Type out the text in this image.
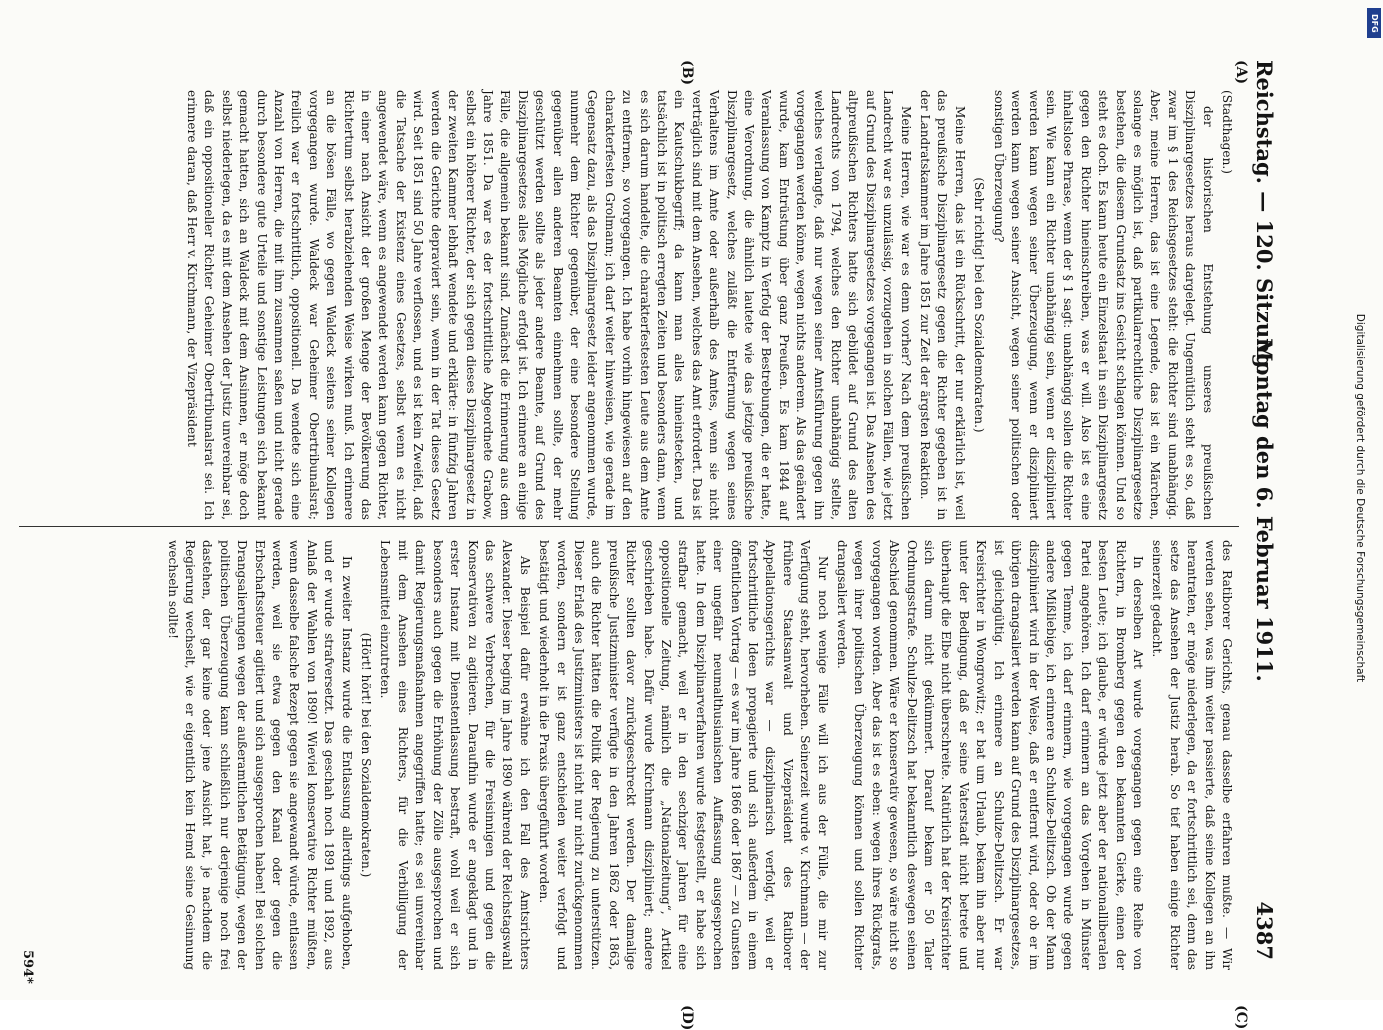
Reichstag. — 120. Sitzung.
Montag den 6. Februar 1911.
4387
(A)
(B)
(C)
(D)

(Stadthagen.)

der historischen Entstehung unseres preußischen Disziplinargesetzes heraus dargelegt. Ungemütlich steht es so, daß zwar im § 1 des Reichsgesetzes steht: die Richter sind unabhängig. Aber, meine Herren, das ist eine Legende, das ist ein Märchen, solange es möglich ist, daß partikularrechtliche Disziplinargesetze bestehen, die diesem Grundsatz ins Gesicht schlagen können. Und so steht es doch. Es kann heute ein Einzelstaat in sein Disziplinargesetz gegen den Richter hineinschreiben, was er will. Also ist es eine inhaltslose Phrase, wenn der § 1 sagt: unabhängig sollen die Richter sein. Wie kann ein Richter unabhängig sein, wenn er diszipliniert werden kann wegen seiner Überzeugung, wenn er diszipliniert werden kann wegen seiner Ansicht, wegen seiner politischen oder sonstigen Überzeugung?

(Sehr richtig! bei den Sozialdemokraten.)

Meine Herren, das ist ein Rückschritt, der nur erklärlich ist, weil das preußische Disziplinargesetz gegen die Richter gegeben ist in der Landratskammer im Jahre 1851 zur Zeit der ärgsten Reaktion.

Meine Herren, wie war es denn vorher? Nach dem preußischen Landrecht war es unzulässig, vorzugehen in solchen Fällen, wie jetzt auf Grund des Disziplinargesetzes vorgegangen ist. Das Ansehen des altpreußischen Richters hatte sich gebildet auf Grund des alten Landrechts von 1794, welches den Richter unabhängig stellte, welches verlangte, daß nur wegen seiner Amtsführung gegen ihn vorgegangen werden könne, wegen nichts anderem. Als das geändert wurde, kam Entrüstung über ganz Preußen. Es kam 1844 auf Veranlassung von Kamptz in Verfolg der Bestrebungen, die er hatte, eine Verordnung, die ähnlich lautete wie das jetzige preußische Disziplinargesetz, welches zuläßt die Entfernung wegen seines Verhaltens im Amte oder außerhalb des Amtes, wenn sie nicht verträglich sind mit dem Ansehen, welches das Amt erfordert. Das ist ein Kautschukbegriff; da kann man alles hineinstecken, und tatsächlich ist in politisch erregten Zeiten und besonders dann, wenn es sich darum handelte, die charakterfestesten Leute aus dem Amte zu entfernen, so vorgegangen. Ich habe vorhin hingewiesen auf den charakterfesten Grolmann; ich darf weiter hinweisen, wie gerade im Gegensatz dazu, als das Disziplinargesetz leider angenommen wurde, nunmehr dem Richter gegenüber, der eine besondere Stellung gegenüber allen anderen Beamten einnehmen sollte, der mehr geschützt werden sollte als jeder andere Beamte, auf Grund des Disziplinargesetzes alles Mögliche erfolgt ist. Ich erinnere an einige Fälle, die allgemein bekannt sind. Zunächst die Erinnerung aus dem Jahre 1851. Da war es der fortschrittliche Abgeordnete Grabow, selbst ein höherer Richter, der sich gegen dieses Disziplinargesetz in der zweiten Kammer lebhaft wendete und erklärte: in fünfzig Jahren werden die Gerichte depraviert sein, wenn in der Tat dieses Gesetz wird. Seit 1851 sind 50 Jahre verflossen, und es ist kein Zweifel, daß die Tatsache der Existenz eines Gesetzes, selbst wenn es nicht angewendet wäre, wenn es angewendet werden kann gegen Richter, in einer nach Ansicht der großen Menge der Bevölkerung das Richtertum selbst herabziehenden Weise wirken muß. Ich erinnere an die bösen Fälle, wo gegen Waldeck seitens seiner Kollegen vorgegangen wurde. Waldeck war Geheimer Obertribunalsrat; freilich war er fortschrittlich, oppositionell. Da wendete sich eine Anzahl von Herren, die mit ihm zusammen saßen und nicht gerade durch besondere gute Urteile und sonstige Leistungen sich bekannt gemacht hatten, sich an Waldeck mit dem Ansinnen, er möge doch selbst niederlegen, da es mit dem Ansehen der Justiz unvereinbar sei, daß ein oppositioneller Richter Geheimer Obertribunalsrat sei. Ich erinnere daran, daß Herr v. Kirchmann, der Vizepräsident

des Ratiborer Gerichts, genau dasselbe erfahren mußte. — Wir werden sehen, was ihm weiter passierte, daß seine Kollegen an ihn herantraten, er möge niederlegen, da er fortschrittlich sei, denn das setze das Ansehen der Justiz herab. So tief haben einige Richter seinerzeit gedacht.

In derselben Art wurde vorgegangen gegen eine Reihe von Richtern, in Bromberg gegen den bekannten Gierke, einen der besten Leute; ich glaube, er würde jetzt aber der nationalliberalen Partei angehören. Ich darf erinnern an das Vorgehen in Münster gegen Temme, ich darf erinnern, wie vorgegangen wurde gegen andere Mißliebige, ich erinnere an Schulze-Delitzsch. Ob der Mann diszipliniert wird in der Weise, daß er entfernt wird, oder ob er im übrigen drangsaliert werden kann auf Grund des Disziplinargesetzes, ist gleichgültig. Ich erinnere an Schulze-Delitzsch. Er war Kreisrichter in Wongrowitz; er bat um Urlaub, bekam ihn aber nur unter der Bedingung, daß er seine Vaterstadt nicht betrete und überhaupt die Elbe nicht überschreite. Natürlich hat der Kreisrichter sich darum nicht gekümmert. Darauf bekam er 50 Taler Ordnungsstrafe. Schulze-Delitzsch hat bekanntlich deswegen seinen Abschied genommen. Wäre er konservativ gewesen, so wäre nicht so vorgegangen worden. Aber das ist es eben: wegen ihres Rückgrats, wegen ihrer politischen Überzeugung können und sollen Richter drangsaliert werden.

Nur noch wenige Fälle will ich aus der Fülle, die mir zur Verfügung steht, hervorheben. Seinerzeit wurde v. Kirchmann — der frühere Staatsanwalt und Vizepräsident des Ratiborer Appellationsgerichts war — disziplinarisch verfolgt, weil er fortschrittliche Ideen propagierte und sich außerdem in einem öffentlichen Vortrag — es war im Jahre 1866 oder 1867 — zu Gunsten einer ungefähr neumalthusianischen Auffassung ausgesprochen hatte. In dem Disziplinarverfahren wurde festgestellt, er habe sich strafbar gemacht, weil er in den sechziger Jahren für eine oppositionelle Zeitung, nämlich die „Nationalzeitung“, Artikel geschrieben habe. Dafür wurde Kirchmann diszipliniert; andere Richter sollten davor zurückgeschreckt werden. Der damalige preußische Justizminister verfügte in den Jahren 1862 oder 1863, auch die Richter hätten die Politik der Regierung zu unterstützen. Dieser Erlaß des Justizministers ist nicht nur nicht zurückgenommen worden, sondern er ist ganz entschieden weiter verfolgt und bestätigt und wiederholt in die Praxis übergeführt worden.

Als Beispiel dafür erwähne ich den Fall des Amtsrichters Alexander. Dieser beging im Jahre 1890 während der Reichstagswahl das schwere Verbrechen, für die Freisinnigen und gegen die Konservativen zu agitieren. Daraufhin wurde er angeklagt und in erster Instanz mit Dienstentlassung bestraft, wohl weil er sich besonders auch gegen die Erhöhung der Zölle ausgesprochen und damit Regierungsmaßnahmen angegriffen hatte; es sei unvereinbar mit dem Ansehen eines Richters, für die Verbilligung der Lebensmittel einzutreten.

(Hört! hört! bei den Sozialdemokraten.)

In zweiter Instanz wurde die Entlassung allerdings aufgehoben, und er wurde strafversetzt. Das geschah noch 1891 und 1892, aus Anlaß der Wahlen von 1890! Wieviel konservative Richter müßten, wenn dasselbe falsche Rezept gegen sie angewandt würde, entlassen werden, weil sie etwa gegen den Kanal oder gegen die Erbschaftssteuer agitiert und sich ausgesprochen haben! Bei solchen Drangsalierungen wegen der außeramtlichen Betätigung, wegen der politischen Überzeugung kann schließlich nur derjenige noch frei dastehen, der gar keine oder jene Ansicht hat, je nachdem die Regierung wechselt, wie er eigentlich kein Hemd seine Gesinnung wechseln sollte!

594*
Digitalisierung gefördert durch die Deutsche Forschungsgemeinschaft
DFG
